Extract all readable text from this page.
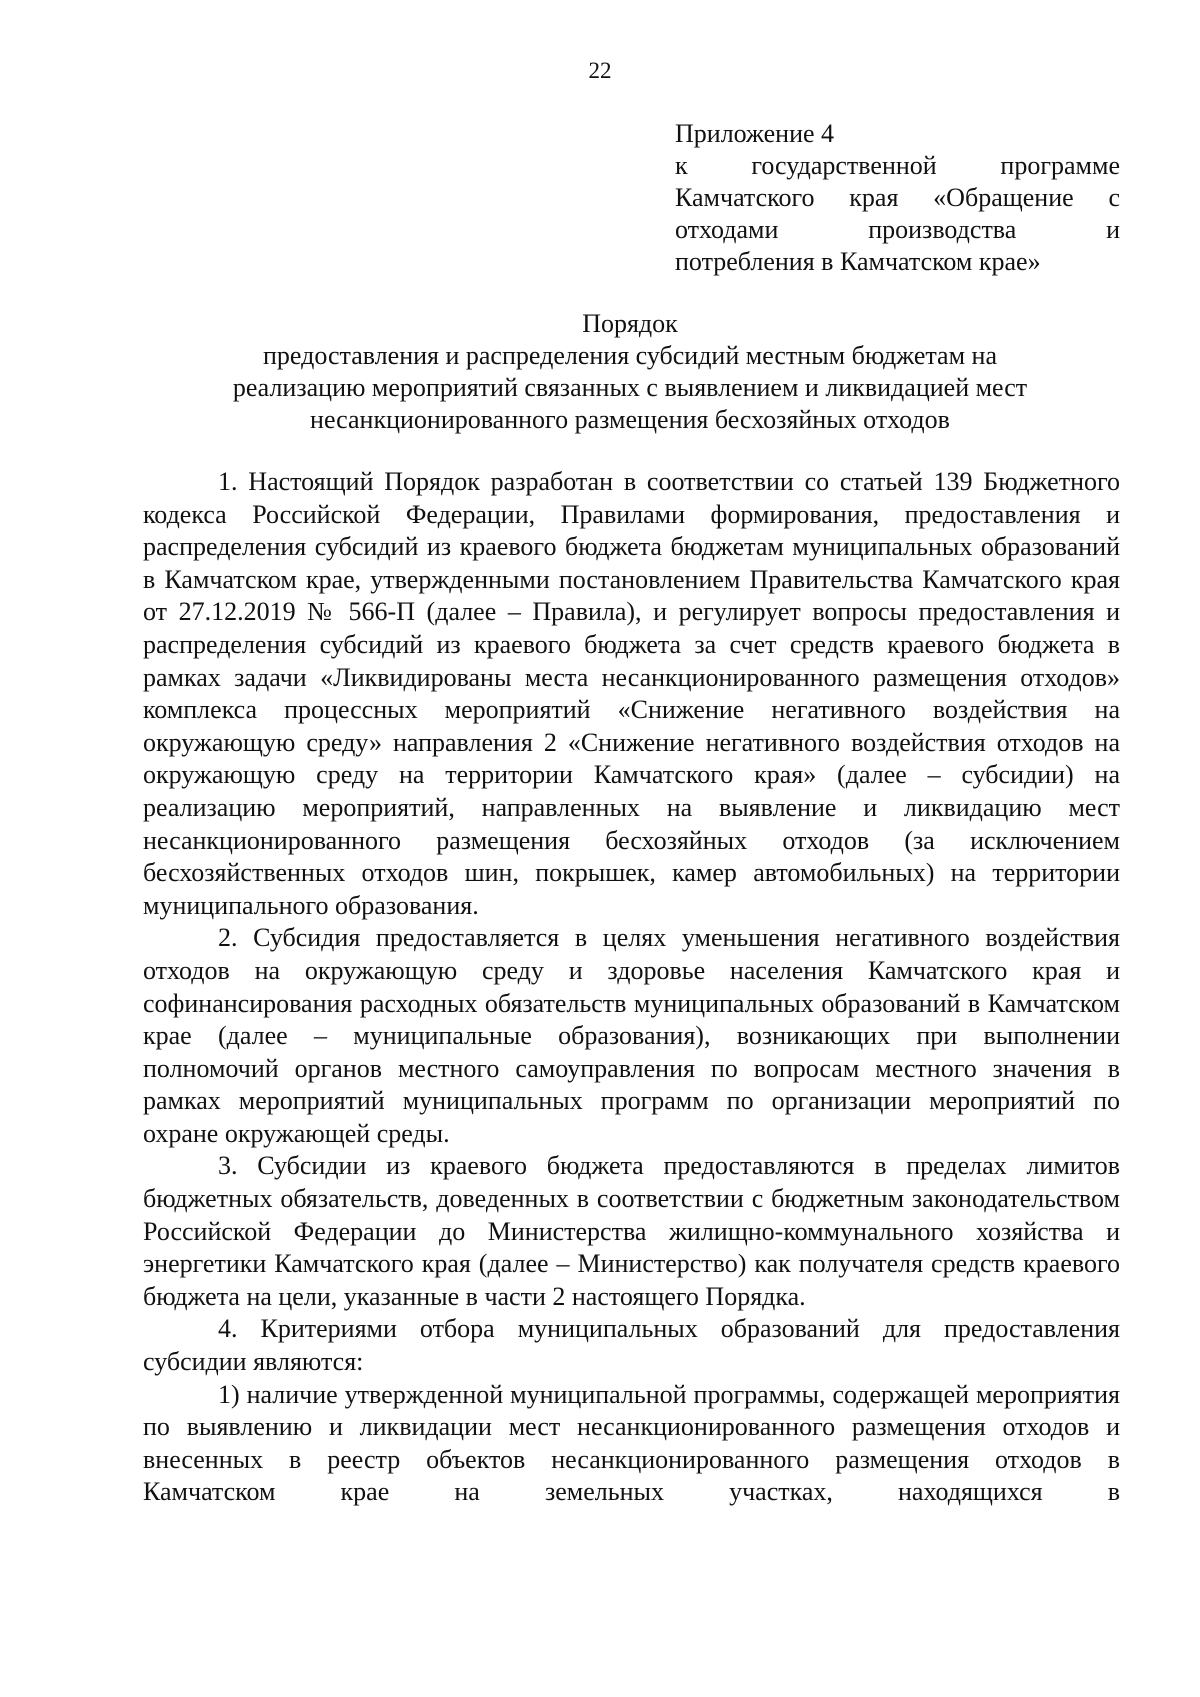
22
Приложение 4
к государственной программе
Камчатского края «Обращение с
отходами производства и
потребления в Камчатском крае»
Порядок
предоставления и распределения субсидий местным бюджетам на
реализацию мероприятий связанных с выявлением и ликвидацией мест
несанкционированного размещения бесхозяйных отходов

1. Настоящий Порядок разработан в соответствии со статьей 139 Бюджетного кодекса Российской Федерации, Правилами формирования, предоставления и распределения субсидий из краевого бюджета бюджетам муниципальных образований в Камчатском крае, утвержденными постановлением Правительства Камчатского края от 27.12.2019 № 566-П (далее – Правила), и регулирует вопросы предоставления и распределения субсидий из краевого бюджета за счет средств краевого бюджета в рамках задачи «Ликвидированы места несанкционированного размещения отходов» комплекса процессных мероприятий «Снижение негативного воздействия на окружающую среду» направления 2 «Снижение негативного воздействия отходов на окружающую среду на территории Камчатского края» (далее – субсидии) на реализацию мероприятий, направленных на выявление и ликвидацию мест несанкционированного размещения бесхозяйных отходов (за исключением бесхозяйственных отходов шин, покрышек, камер автомобильных) на территории муниципального образования.

2. Субсидия предоставляется в целях уменьшения негативного воздействия отходов на окружающую среду и здоровье населения Камчатского края и софинансирования расходных обязательств муниципальных образований в Камчатском крае (далее – муниципальные образования), возникающих при выполнении полномочий органов местного самоуправления по вопросам местного значения в рамках мероприятий муниципальных программ по организации мероприятий по охране окружающей среды.

3. Субсидии из краевого бюджета предоставляются в пределах лимитов бюджетных обязательств, доведенных в соответствии с бюджетным законодательством Российской Федерации до Министерства жилищно-коммунального хозяйства и энергетики Камчатского края (далее – Министерство) как получателя средств краевого бюджета на цели, указанные в части 2 настоящего Порядка.

4. Критериями отбора муниципальных образований для предоставления субсидии являются:

1) наличие утвержденной муниципальной программы, содержащей мероприятия по выявлению и ликвидации мест несанкционированного размещения отходов и внесенных в реестр объектов несанкционированного размещения отходов в Камчатском крае на земельных участках, находящихся в
